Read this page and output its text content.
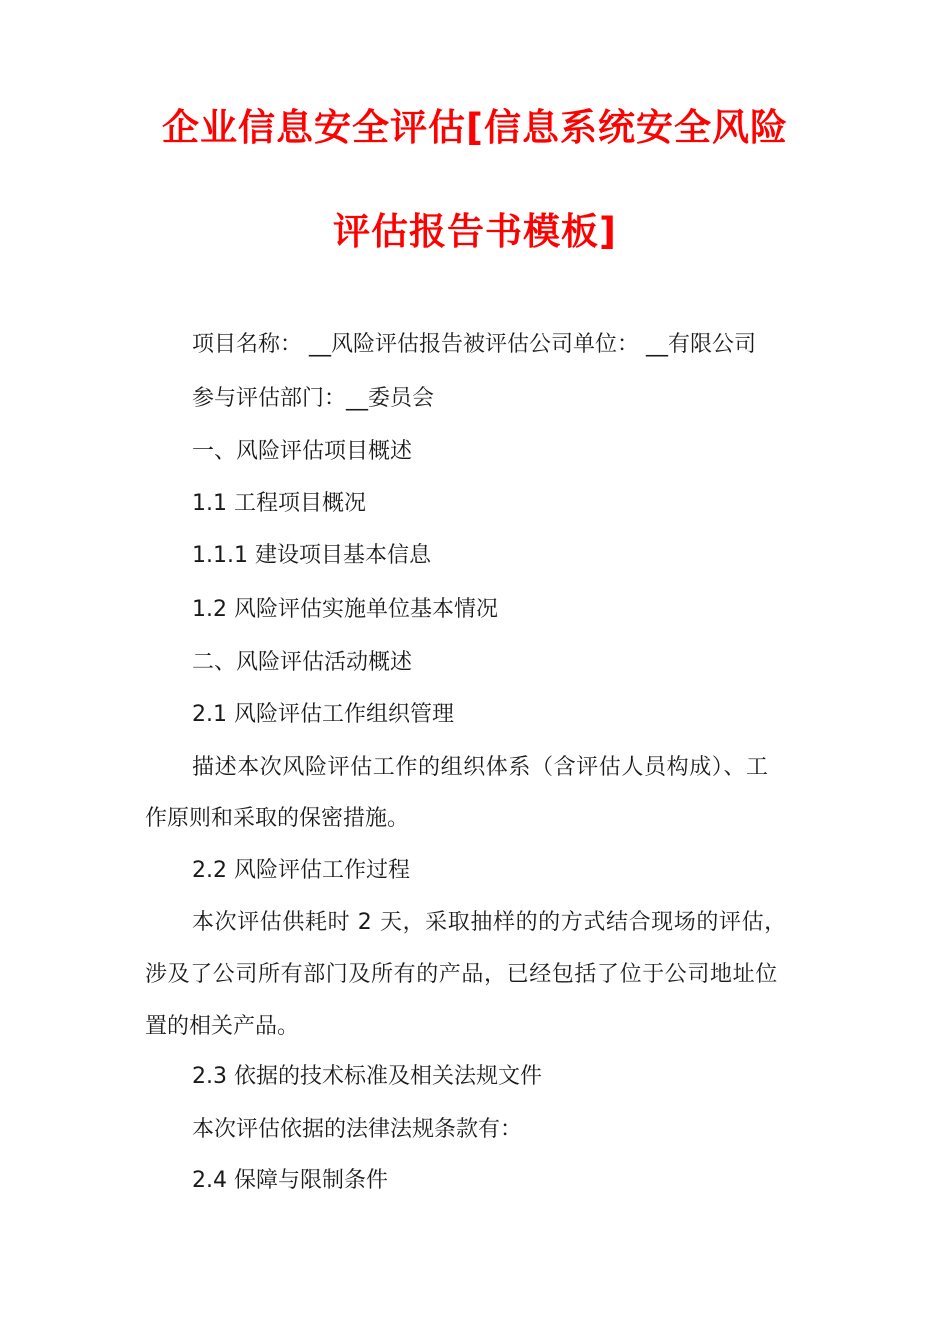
企业信息安全评估[信息系统安全风险
评估报告书模板]
项目名称： __风险评估报告被评估公司单位： __有限公司
参与评估部门：__委员会
一、风险评估项目概述
1.1 工程项目概况
1.1.1 建设项目基本信息
1.2 风险评估实施单位基本情况
二、风险评估活动概述
2.1 风险评估工作组织管理
描述本次风险评估工作的组织体系（含评估人员构成）、工
作原则和采取的保密措施。
2.2 风险评估工作过程
本次评估供耗时 2 天，采取抽样的的方式结合现场的评估，
涉及了公司所有部门及所有的产品，已经包括了位于公司地址位
置的相关产品。
2.3 依据的技术标准及相关法规文件
本次评估依据的法律法规条款有：
2.4 保障与限制条件
